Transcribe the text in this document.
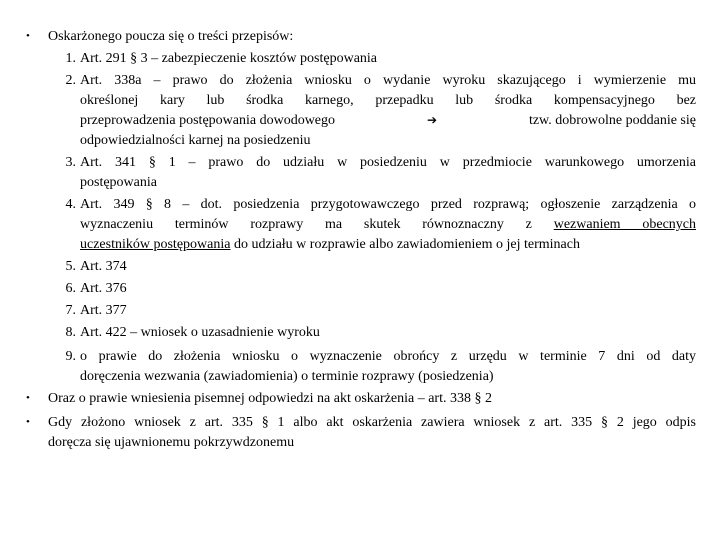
• Oskarżonego poucza się o treści przepisów:
1. Art. 291 § 3 – zabezpieczenie kosztów postępowania
2. Art. 338a – prawo do złożenia wniosku o wydanie wyroku skazującego i wymierzenie mu
określonej kary lub środka karnego, przepadku lub środka kompensacyjnego bez
przeprowadzenia postępowania dowodowego	➔	tzw. dobrowolne poddanie się
odpowiedzialności karnej na posiedzeniu
3. Art. 341 § 1 – prawo do udziału w posiedzeniu w przedmiocie warunkowego umorzenia
postępowania
4. Art. 349 § 8 – dot. posiedzenia przygotowawczego przed rozprawą; ogłoszenie zarządzenia o
wyznaczeniu terminów rozprawy ma skutek równoznaczny z wezwaniem obecnych
uczestników postępowania do udziału w rozprawie albo zawiadomieniem o jej terminach
5. Art. 374
6. Art. 376
7. Art. 377
8. Art. 422 – wniosek o uzasadnienie wyroku
9. o prawie do złożenia wniosku o wyznaczenie obrońcy z urzędu w terminie 7 dni od daty
doręczenia wezwania (zawiadomienia) o terminie rozprawy (posiedzenia)
• Oraz o prawie wniesienia pisemnej odpowiedzi na akt oskarżenia – art. 338 § 2
• Gdy złożono wniosek z art. 335 § 1 albo akt oskarżenia zawiera wniosek z art. 335 § 2 jego odpis
doręcza się ujawnionemu pokrzywdzonemu
